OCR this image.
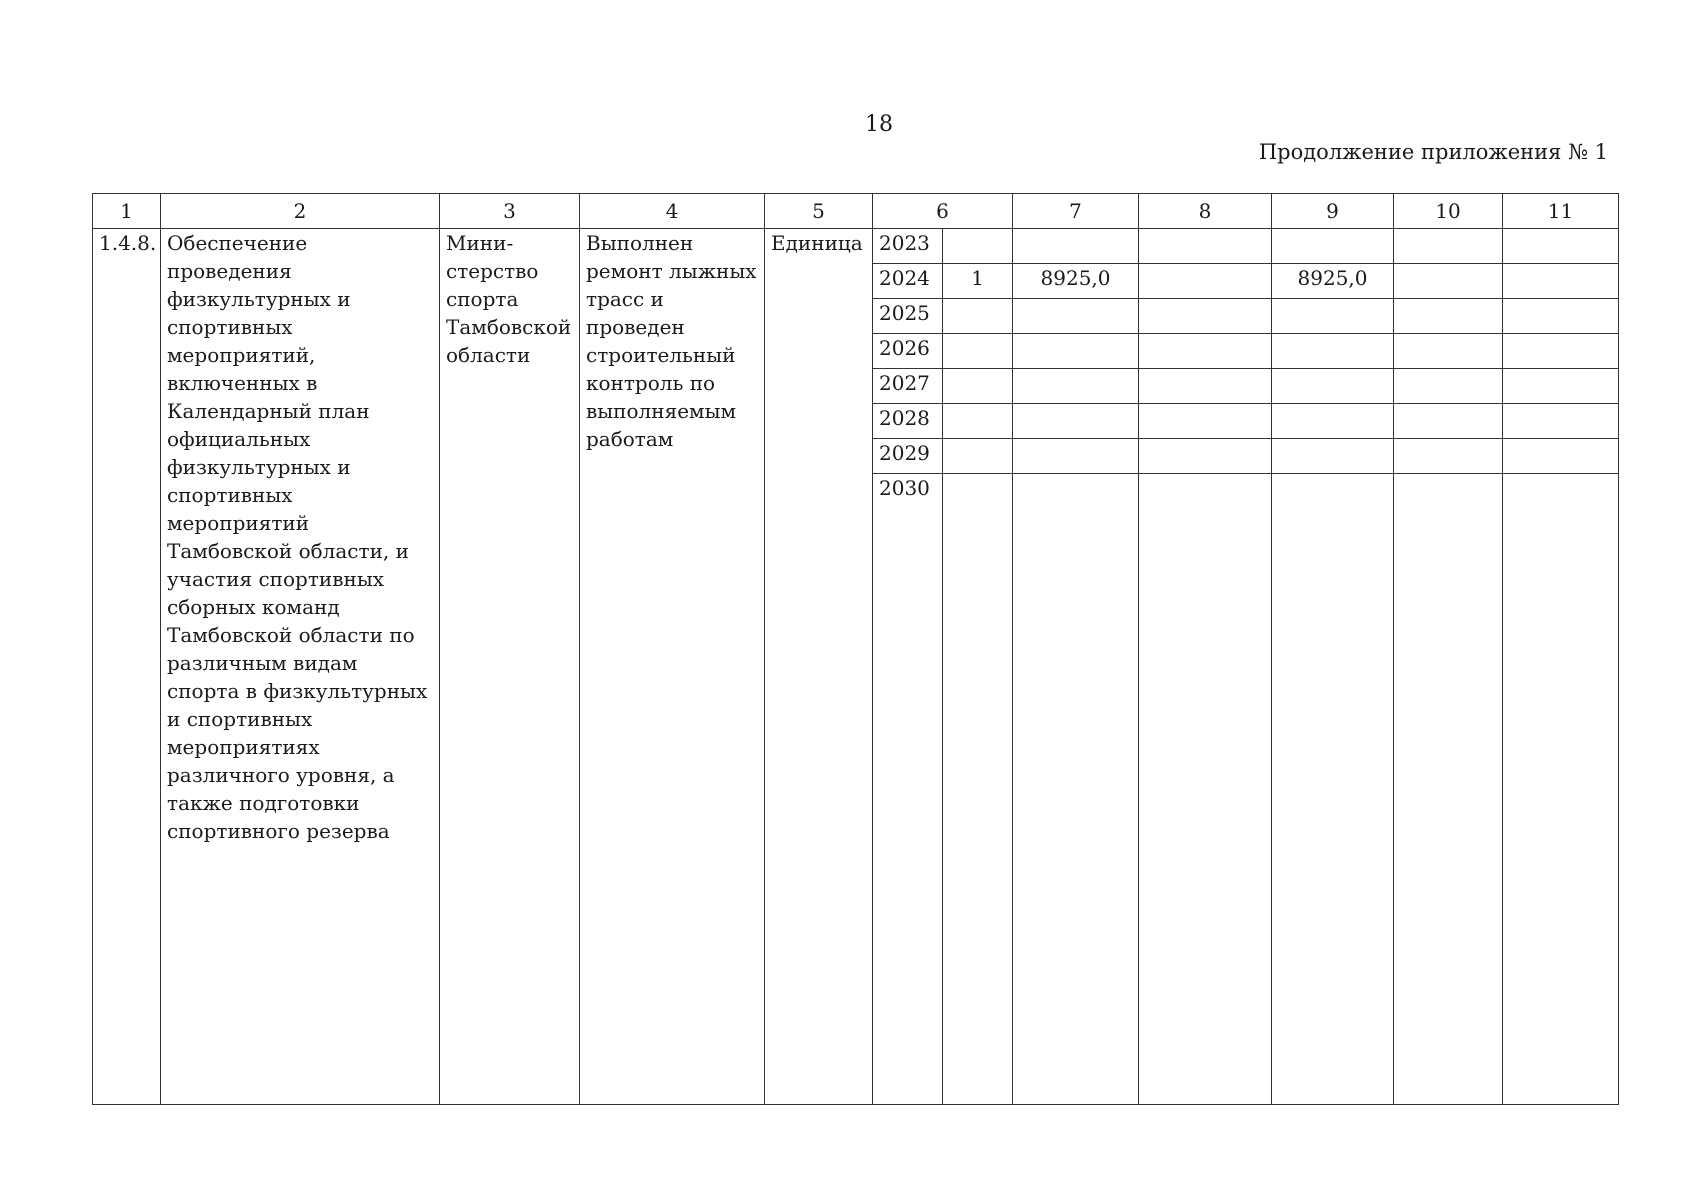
18
Продолжение приложения № 1
1	2	3	4	5	6		7	8	9	10	11
1.4.8.	Обеспечение проведения физкультурных и спортивных мероприятий, включенных в Календарный план официальных физкультурных и спортивных мероприятий Тамбовской области, и участия спортивных сборных команд Тамбовской области по различным видам спорта в физкультурных и спортивных мероприятиях различного уровня, а также подготовки спортивного резерва	Мини-стерство спорта Тамбовской области	Выполнен ремонт лыжных трасс и проведен строительный контроль по выполняемым работам	Единица	2023						
					2024	1	8925,0		8925,0		
					2025						
					2026						
					2027						
					2028						
					2029						
					2030						
